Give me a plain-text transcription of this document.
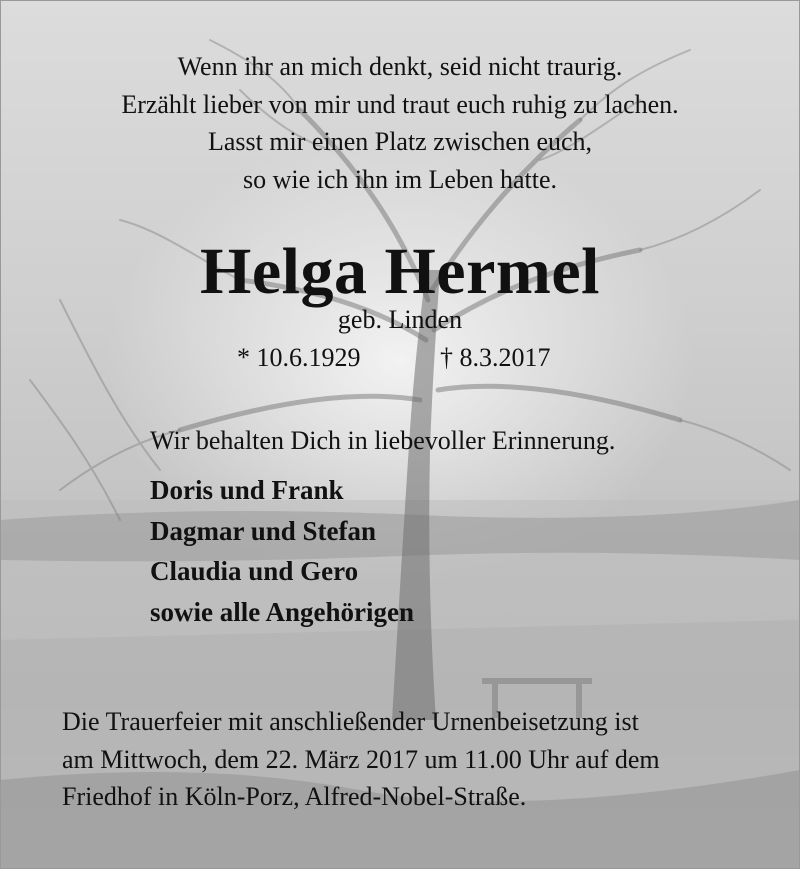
Wenn ihr an mich denkt, seid nicht traurig.
Erzählt lieber von mir und traut euch ruhig zu lachen.
Lasst mir einen Platz zwischen euch,
so wie ich ihn im Leben hatte.
Helga Hermel
geb. Linden
* 10.6.1929	† 8.3.2017
Wir behalten Dich in liebevoller Erinnerung.
Doris und Frank
Dagmar und Stefan
Claudia und Gero
sowie alle Angehörigen
Die Trauerfeier mit anschließender Urnenbeisetzung ist
am Mittwoch, dem 22. März 2017 um 11.00 Uhr auf dem
Friedhof in Köln-Porz, Alfred-Nobel-Straße.
